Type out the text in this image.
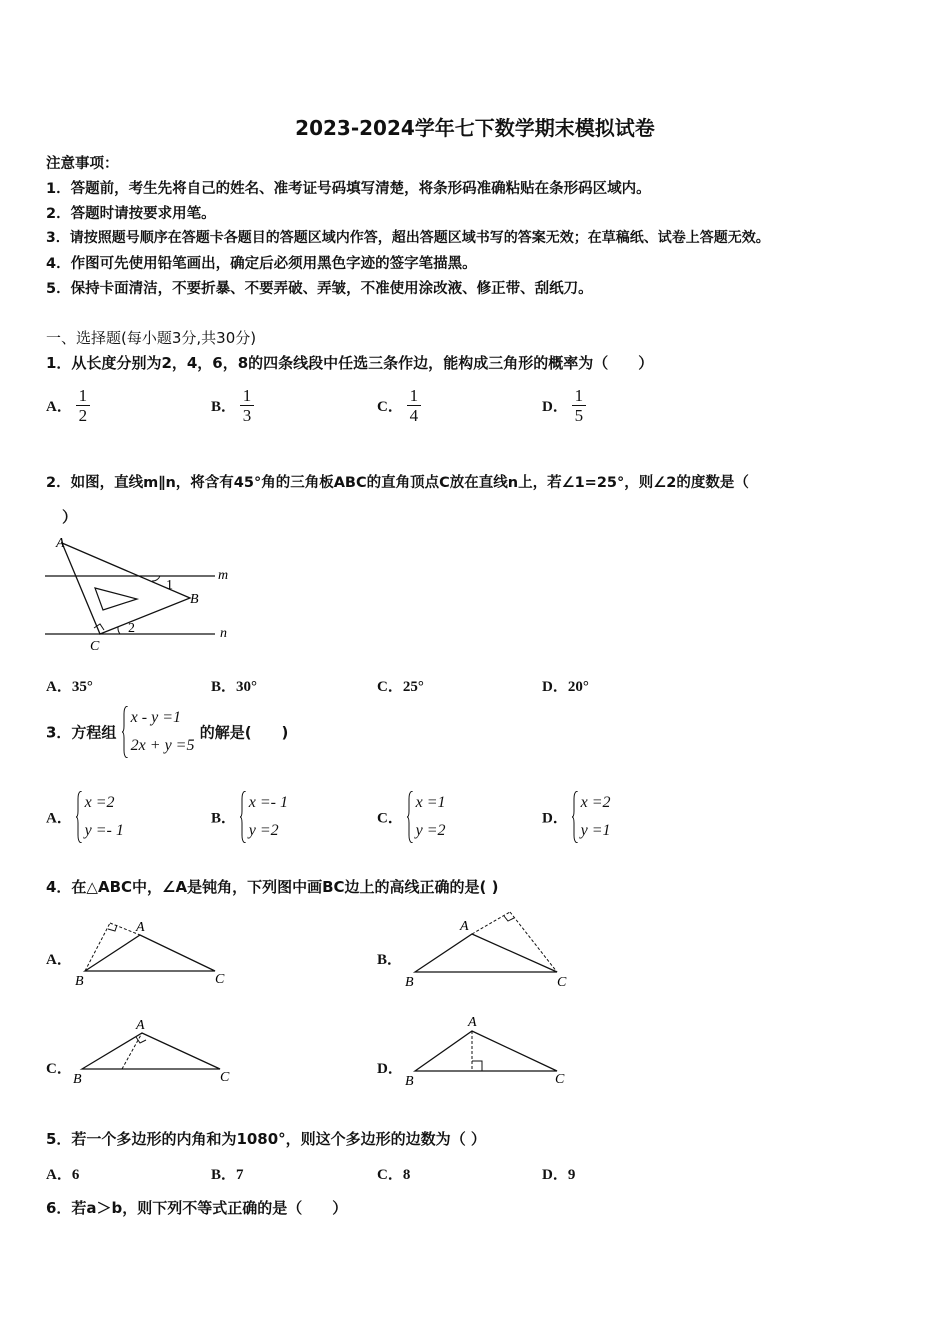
2023-2024学年七下数学期末模拟试卷
注意事项：
1．答题前，考生先将自己的姓名、准考证号码填写清楚，将条形码准确粘贴在条形码区域内。
2．答题时请按要求用笔。
3．请按照题号顺序在答题卡各题目的答题区域内作答，超出答题区域书写的答案无效；在草稿纸、试卷上答题无效。
4．作图可先使用铅笔画出，确定后必须用黑色字迹的签字笔描黑。
5．保持卡面清洁，不要折暴、不要弄破、弄皱，不准使用涂改液、修正带、刮纸刀。
一、选择题(每小题3分,共30分)
1．从长度分别为2，4，6，8的四条线段中任选三条作边，能构成三角形的概率为（　　）
A． $\frac{1}{2}$	B． $\frac{1}{3}$	C． $\frac{1}{4}$	D． $\frac{1}{5}$
2．如图，直线m∥n，将含有45°角的三角板ABC的直角顶点C放在直线n上，若∠1=25°，则∠2的度数是（
）
A
B
C
m
n
1
2
A．35°	B．30°	C．25°	D．20°
3．方程组
x - y =1
2x + y =5
的解是(　　)
A．
x =2
y =- 1
B．
x =- 1
y =2
C．
x =1
y =2
D．
x =2
y =1
4．在△ABC中，∠A是钝角，下列图中画BC边上的高线正确的是( )
A．
A
B	C
B．
A
B	C
C．
A
B	C
D．
A
B	C
5．若一个多边形的内角和为1080°，则这个多边形的边数为（ ）
A．6	B．7	C．8	D．9
6．若a＞b，则下列不等式正确的是（　　）
